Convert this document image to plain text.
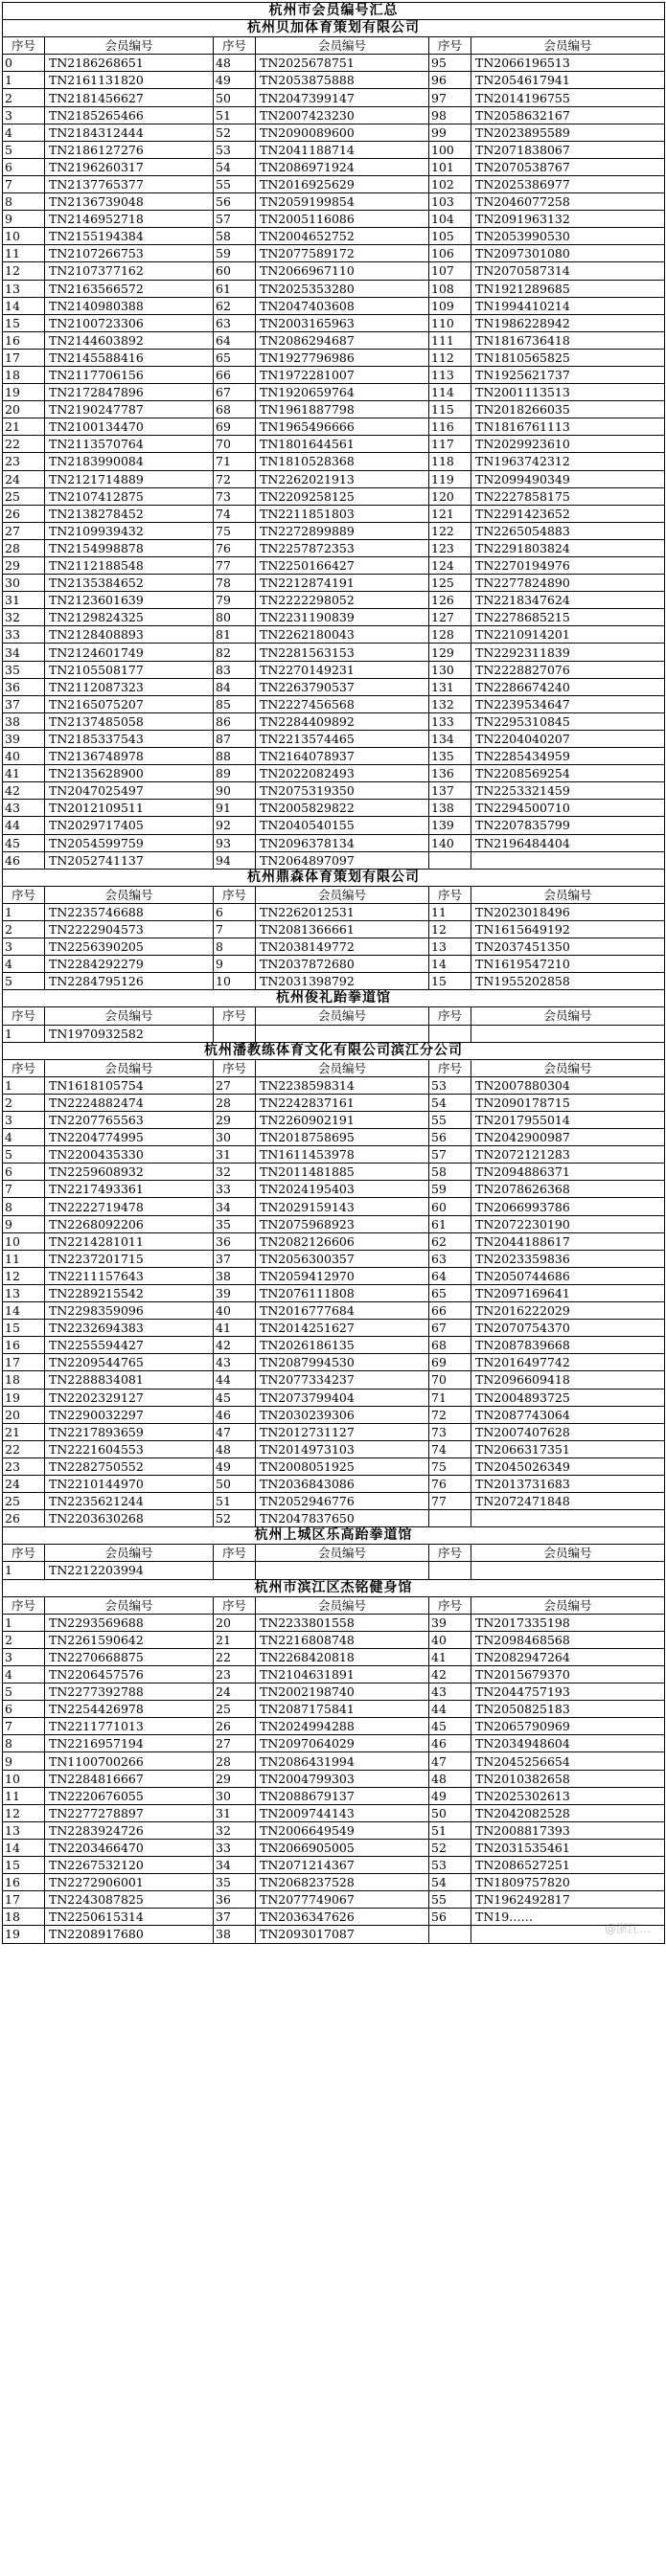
杭州市会员编号汇总					
杭州贝加体育策划有限公司					
序号	会员编号	序号	会员编号	序号	会员编号
0	TN2186268651	48	TN2025678751	95	TN2066196513
1	TN2161131820	49	TN2053875888	96	TN2054617941
2	TN2181456627	50	TN2047399147	97	TN2014196755
3	TN2185265466	51	TN2007423230	98	TN2058632167
4	TN2184312444	52	TN2090089600	99	TN2023895589
5	TN2186127276	53	TN2041188714	100	TN2071838067
6	TN2196260317	54	TN2086971924	101	TN2070538767
7	TN2137765377	55	TN2016925629	102	TN2025386977
8	TN2136739048	56	TN2059199854	103	TN2046077258
9	TN2146952718	57	TN2005116086	104	TN2091963132
10	TN2155194384	58	TN2004652752	105	TN2053990530
11	TN2107266753	59	TN2077589172	106	TN2097301080
12	TN2107377162	60	TN2066967110	107	TN2070587314
13	TN2163566572	61	TN2025353280	108	TN1921289685
14	TN2140980388	62	TN2047403608	109	TN1994410214
15	TN2100723306	63	TN2003165963	110	TN1986228942
16	TN2144603892	64	TN2086294687	111	TN1816736418
17	TN2145588416	65	TN1927796986	112	TN1810565825
18	TN2117706156	66	TN1972281007	113	TN1925621737
19	TN2172847896	67	TN1920659764	114	TN2001113513
20	TN2190247787	68	TN1961887798	115	TN2018266035
21	TN2100134470	69	TN1965496666	116	TN1816761113
22	TN2113570764	70	TN1801644561	117	TN2029923610
23	TN2183990084	71	TN1810528368	118	TN1963742312
24	TN2121714889	72	TN2262021913	119	TN2099490349
25	TN2107412875	73	TN2209258125	120	TN2227858175
26	TN2138278452	74	TN2211851803	121	TN2291423652
27	TN2109939432	75	TN2272899889	122	TN2265054883
28	TN2154998878	76	TN2257872353	123	TN2291803824
29	TN2112188548	77	TN2250166427	124	TN2270194976
30	TN2135384652	78	TN2212874191	125	TN2277824890
31	TN2123601639	79	TN2222298052	126	TN2218347624
32	TN2129824325	80	TN2231190839	127	TN2278685215
33	TN2128408893	81	TN2262180043	128	TN2210914201
34	TN2124601749	82	TN2281563153	129	TN2292311839
35	TN2105508177	83	TN2270149231	130	TN2228827076
36	TN2112087323	84	TN2263790537	131	TN2286674240
37	TN2165075207	85	TN2227456568	132	TN2239534647
38	TN2137485058	86	TN2284409892	133	TN2295310845
39	TN2185337543	87	TN2213574465	134	TN2204040207
40	TN2136748978	88	TN2164078937	135	TN2285434959
41	TN2135628900	89	TN2022082493	136	TN2208569254
42	TN2047025497	90	TN2075319350	137	TN2253321459
43	TN2012109511	91	TN2005829822	138	TN2294500710
44	TN2029717405	92	TN2040540155	139	TN2207835799
45	TN2054599759	93	TN2096378134	140	TN2196484404
46	TN2052741137	94	TN2064897097		
杭州鼎森体育策划有限公司					
序号	会员编号	序号	会员编号	序号	会员编号
1	TN2235746688	6	TN2262012531	11	TN2023018496
2	TN2222904573	7	TN2081366661	12	TN1615649192
3	TN2256390205	8	TN2038149772	13	TN2037451350
4	TN2284292279	9	TN2037872680	14	TN1619547210
5	TN2284795126	10	TN2031398792	15	TN1955202858
杭州俊礼跆拳道馆					
序号	会员编号	序号	会员编号	序号	会员编号
1	TN1970932582				
杭州潘教练体育文化有限公司滨江分公司					
序号	会员编号	序号	会员编号	序号	会员编号
1	TN1618105754	27	TN2238598314	53	TN2007880304
2	TN2224882474	28	TN2242837161	54	TN2090178715
3	TN2207765563	29	TN2260902191	55	TN2017955014
4	TN2204774995	30	TN2018758695	56	TN2042900987
5	TN2200435330	31	TN1611453978	57	TN2072121283
6	TN2259608932	32	TN2011481885	58	TN2094886371
7	TN2217493361	33	TN2024195403	59	TN2078626368
8	TN2222719478	34	TN2029159143	60	TN2066993786
9	TN2268092206	35	TN2075968923	61	TN2072230190
10	TN2214281011	36	TN2082126606	62	TN2044188617
11	TN2237201715	37	TN2056300357	63	TN2023359836
12	TN2211157643	38	TN2059412970	64	TN2050744686
13	TN2289215542	39	TN2076111808	65	TN2097169641
14	TN2298359096	40	TN2016777684	66	TN2016222029
15	TN2232694383	41	TN2014251627	67	TN2070754370
16	TN2255594427	42	TN2026186135	68	TN2087839668
17	TN2209544765	43	TN2087994530	69	TN2016497742
18	TN2288834081	44	TN2077334237	70	TN2096609418
19	TN2202329127	45	TN2073799404	71	TN2004893725
20	TN2290032297	46	TN2030239306	72	TN2087743064
21	TN2217893659	47	TN2012731127	73	TN2007407628
22	TN2221604553	48	TN2014973103	74	TN2066317351
23	TN2282750552	49	TN2008051925	75	TN2045026349
24	TN2210144970	50	TN2036843086	76	TN2013731683
25	TN2235621244	51	TN2052946776	77	TN2072471848
26	TN2203630268	52	TN2047837650		
杭州上城区乐高跆拳道馆					
序号	会员编号	序号	会员编号	序号	会员编号
1	TN2212203994				
杭州市滨江区杰铭健身馆					
序号	会员编号	序号	会员编号	序号	会员编号
1	TN2293569688	20	TN2233801558	39	TN2017335198
2	TN2261590642	21	TN2216808748	40	TN2098468568
3	TN2270668875	22	TN2268420818	41	TN2082947264
4	TN2206457576	23	TN2104631891	42	TN2015679370
5	TN2277392788	24	TN2002198740	43	TN2044757193
6	TN2254426978	25	TN2087175841	44	TN2050825183
7	TN2211771013	26	TN2024994288	45	TN2065790969
8	TN2216957194	27	TN2097064029	46	TN2034948604
9	TN1100700266	28	TN2086431994	47	TN2045256654
10	TN2284816667	29	TN2004799303	48	TN2010382658
11	TN2220676055	30	TN2088679137	49	TN2025302613
12	TN2277278897	31	TN2009744143	50	TN2042082528
13	TN2283924726	32	TN2006649549	51	TN2008817393
14	TN2203466470	33	TN2066905005	52	TN2031535461
15	TN2267532120	34	TN2071214367	53	TN2086527251
16	TN2272906001	35	TN2068237528	54	TN1809757820
17	TN2243087825	36	TN2077749067	55	TN1962492817
18	TN2250615314	37	TN2036347626	56	TN19……
19	TN2208917680	38	TN2093017087			@浙江…
